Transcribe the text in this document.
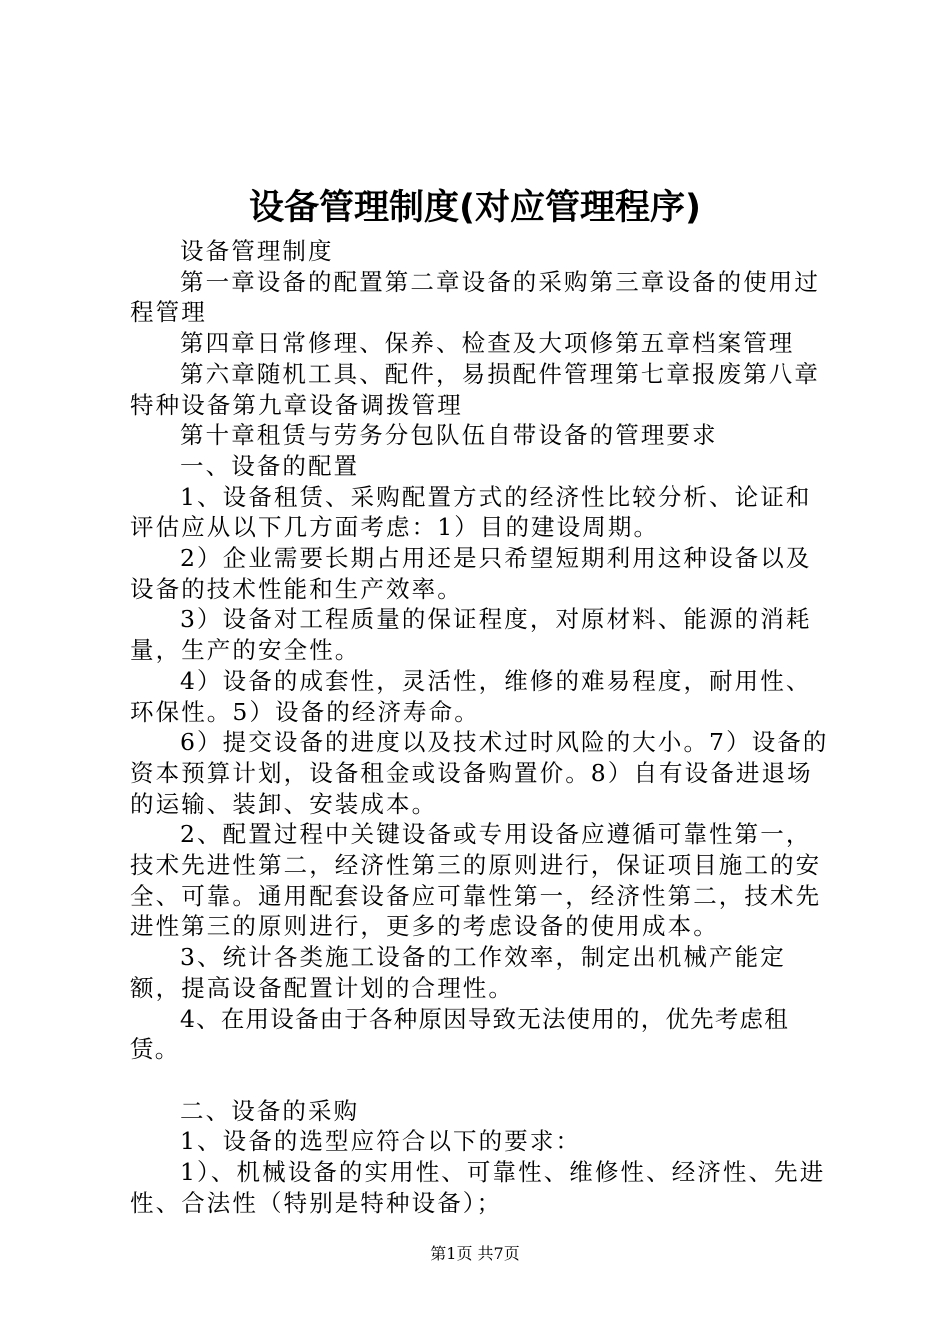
设备管理制度(对应管理程序)

设备管理制度

第一章设备的配置第二章设备的采购第三章设备的使用过程管理

第四章日常修理、保养、检查及大项修第五章档案管理

第六章随机工具、配件，易损配件管理第七章报废第八章特种设备第九章设备调拨管理

第十章租赁与劳务分包队伍自带设备的管理要求

一、设备的配置

1、设备租赁、采购配置方式的经济性比较分析、论证和评估应从以下几方面考虑：1）目的建设周期。

2）企业需要长期占用还是只希望短期利用这种设备以及设备的技术性能和生产效率。

3）设备对工程质量的保证程度，对原材料、能源的消耗量，生产的安全性。

4）设备的成套性，灵活性，维修的难易程度，耐用性、环保性。5）设备的经济寿命。

6）提交设备的进度以及技术过时风险的大小。7）设备的资本预算计划，设备租金或设备购置价。8）自有设备进退场的运输、装卸、安装成本。

2、配置过程中关键设备或专用设备应遵循可靠性第一，技术先进性第二，经济性第三的原则进行，保证项目施工的安全、可靠。通用配套设备应可靠性第一，经济性第二，技术先进性第三的原则进行，更多的考虑设备的使用成本。

3、统计各类施工设备的工作效率，制定出机械产能定额，提高设备配置计划的合理性。

4、在用设备由于各种原因导致无法使用的，优先考虑租赁。

二、设备的采购

1、设备的选型应符合以下的要求：

1）、机械设备的实用性、可靠性、维修性、经济性、先进性、合法性（特别是特种设备）；

第1页 共7页
